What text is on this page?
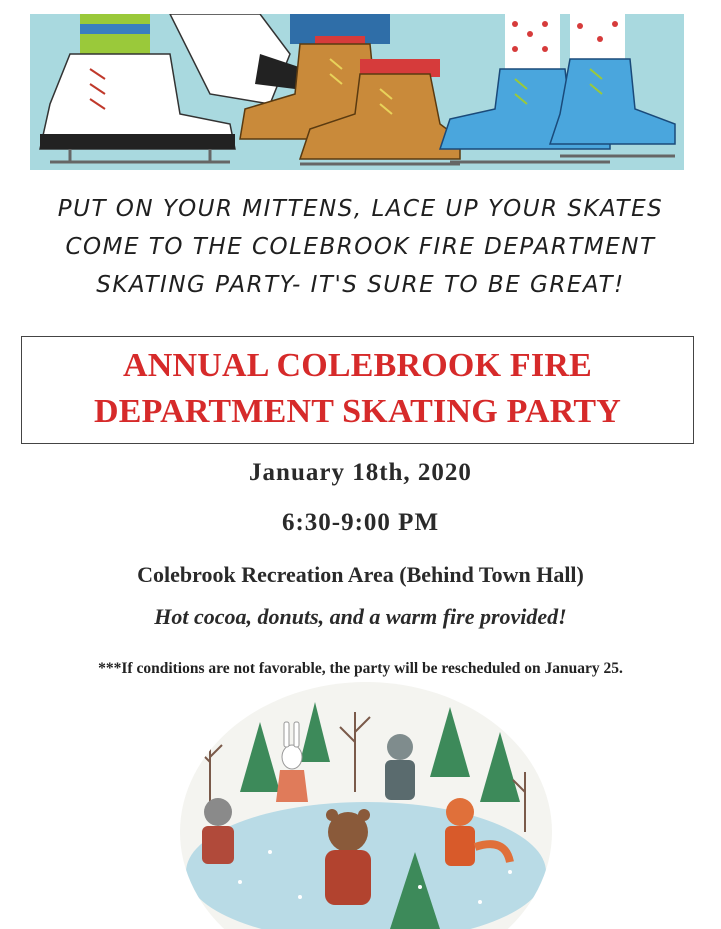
PUT ON YOUR MITTENS, LACE UP YOUR SKATES
COME TO THE COLEBROOK FIRE DEPARTMENT
SKATING PARTY- IT'S SURE TO BE GREAT!
ANNUAL COLEBROOK FIRE
DEPARTMENT SKATING PARTY
January 18th, 2020
6:30-9:00 PM
Colebrook Recreation Area (Behind Town Hall)
Hot cocoa, donuts, and a warm fire provided!
***If conditions are not favorable, the party will be rescheduled on January 25.
